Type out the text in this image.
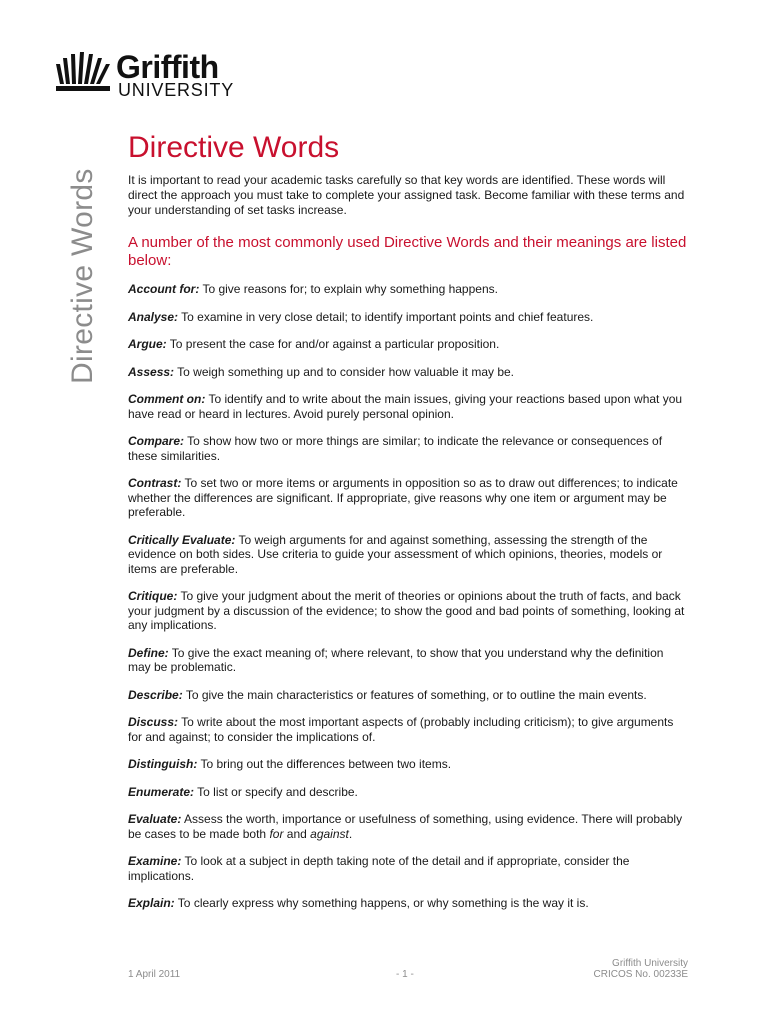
Griffith
UNIVERSITY
Directive Words
Directive Words

It is important to read your academic tasks carefully so that key words are identified. These words will direct the approach you must take to complete your assigned task. Become familiar with these terms and your understanding of set tasks increase.

A number of the most commonly used Directive Words and their meanings are listed below:
Account for: To give reasons for; to explain why something happens.
Analyse: To examine in very close detail; to identify important points and chief features.
Argue: To present the case for and/or against a particular proposition.
Assess: To weigh something up and to consider how valuable it may be.
Comment on: To identify and to write about the main issues, giving your reactions based upon what you have read or heard in lectures. Avoid purely personal opinion.
Compare: To show how two or more things are similar; to indicate the relevance or consequences of these similarities.
Contrast: To set two or more items or arguments in opposition so as to draw out differences; to indicate whether the differences are significant. If appropriate, give reasons why one item or argument may be preferable.
Critically Evaluate: To weigh arguments for and against something, assessing the strength of the evidence on both sides. Use criteria to guide your assessment of which opinions, theories, models or items are preferable.
Critique: To give your judgment about the merit of theories or opinions about the truth of facts, and back your judgment by a discussion of the evidence; to show the good and bad points of something, looking at any implications.
Define: To give the exact meaning of; where relevant, to show that you understand why the definition may be problematic.
Describe: To give the main characteristics or features of something, or to outline the main events.
Discuss: To write about the most important aspects of (probably including criticism); to give arguments for and against; to consider the implications of.
Distinguish: To bring out the differences between two items.
Enumerate: To list or specify and describe.
Evaluate: Assess the worth, importance or usefulness of something, using evidence. There will probably be cases to be made both for and against.
Examine: To look at a subject in depth taking note of the detail and if appropriate, consider the implications.
Explain: To clearly express why something happens, or why something is the way it is.
1 April 2011	- 1 -
Griffith University
CRICOS No. 00233E
